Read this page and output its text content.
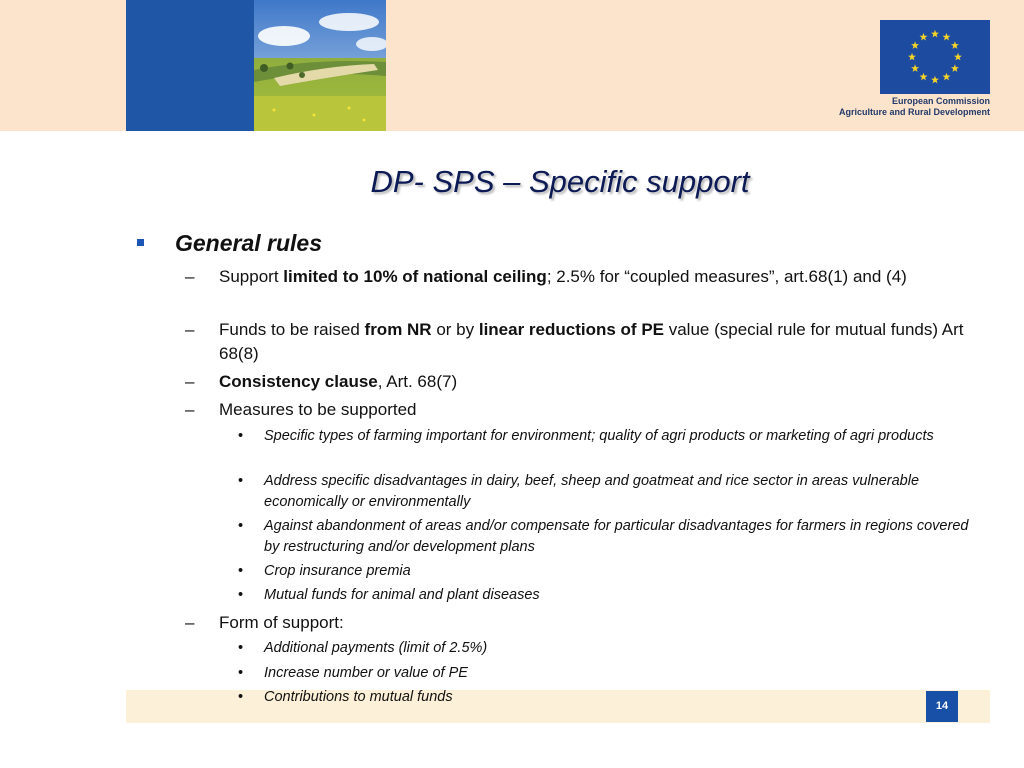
European Commission
Agriculture and Rural Development
DP- SPS – Specific support
General rules
– Support limited to 10% of national ceiling; 2.5% for “coupled measures”, art.68(1) and (4)
– Funds to be raised from NR or by linear reductions of PE value (special rule for mutual funds) Art 68(8)
– Consistency clause, Art. 68(7)
– Measures to be supported
• Specific types of farming important for environment; quality of agri products or marketing of agri products
• Address specific disadvantages in dairy, beef, sheep and goatmeat and rice sector in areas vulnerable economically or environmentally
• Against abandonment of areas and/or compensate for particular disadvantages for farmers in regions covered by restructuring and/or development plans
• Crop insurance premia
• Mutual funds for animal and plant diseases
– Form of support:
• Additional payments (limit of 2.5%)
• Increase number or value of PE
• Contributions to mutual funds
14
